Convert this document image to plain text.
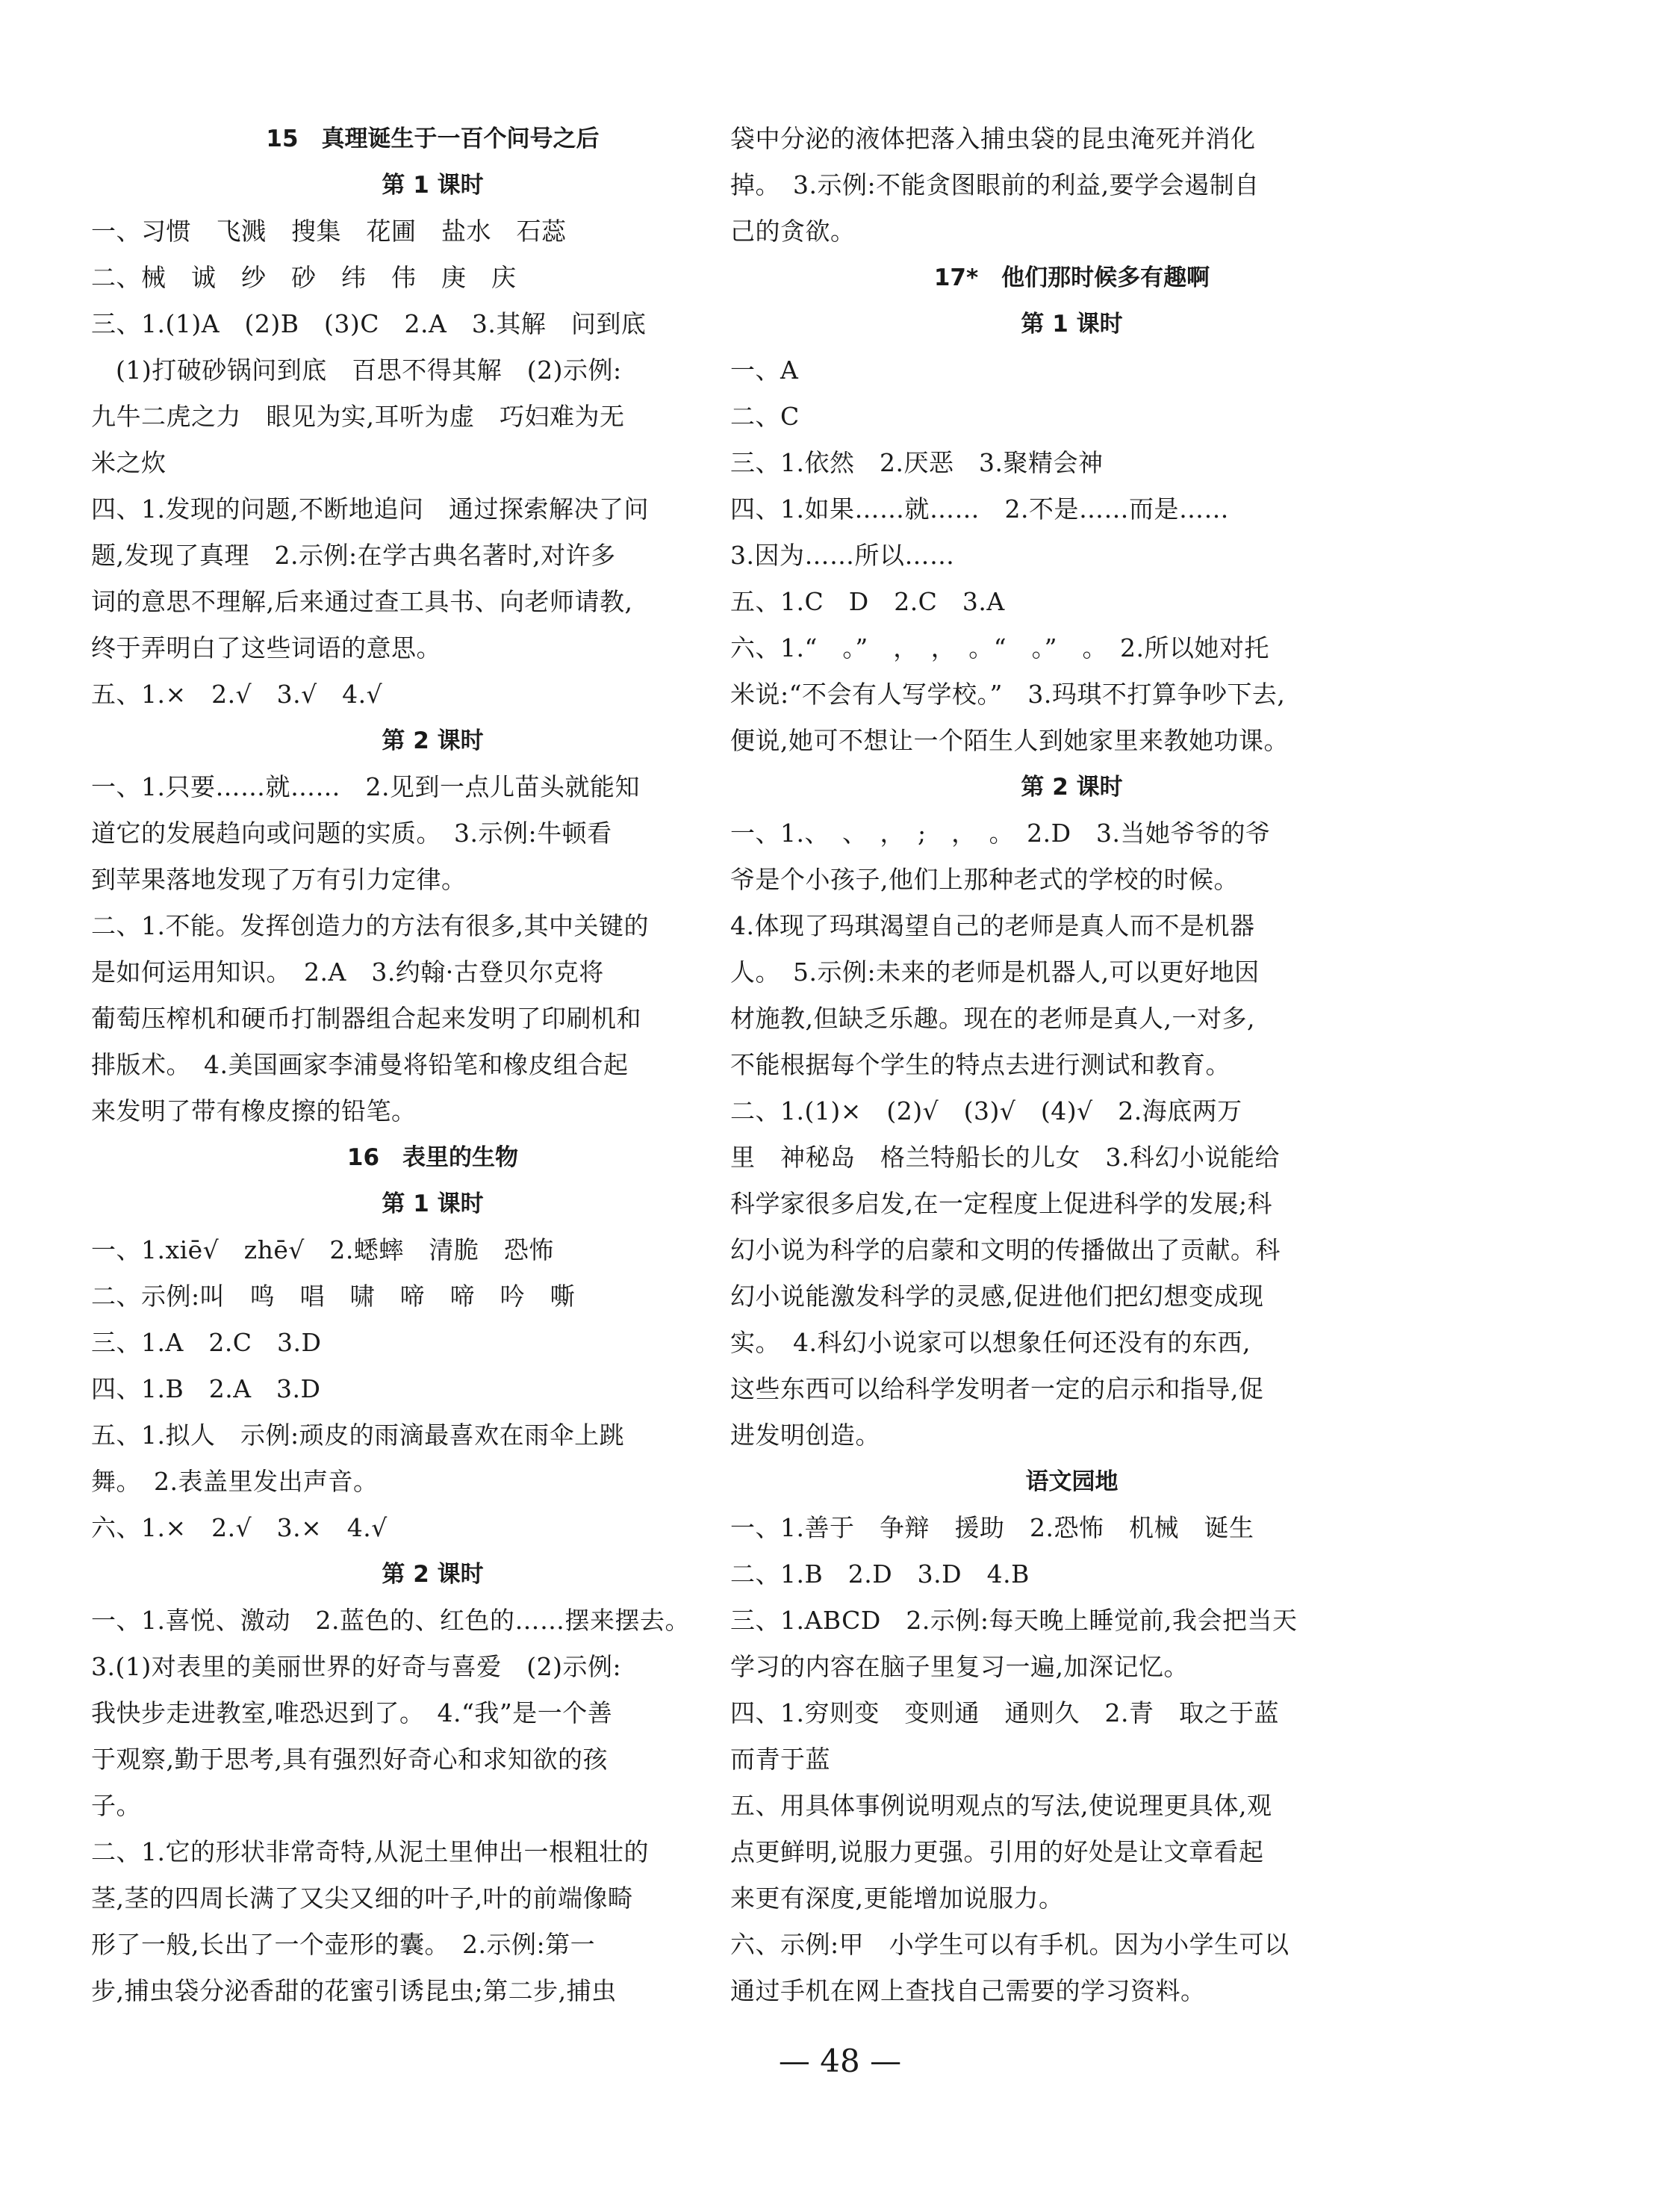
15　真理诞生于一百个问号之后
第 1 课时
一、习惯　飞溅　搜集　花圃　盐水　石蕊
二、械　诚　纱　砂　纬　伟　庚　庆
三、1.(1)A　(2)B　(3)C　2.A　3.其解　问到底
(1)打破砂锅问到底　百思不得其解　(2)示例:
九牛二虎之力　眼见为实,耳听为虚　巧妇难为无
米之炊
四、1.发现的问题,不断地追问　通过探索解决了问
题,发现了真理　2.示例:在学古典名著时,对许多
词的意思不理解,后来通过查工具书、向老师请教,
终于弄明白了这些词语的意思。
五、1.×　2.√　3.√　4.√
第 2 课时
一、1.只要……就……　2.见到一点儿苗头就能知
道它的发展趋向或问题的实质。　3.示例:牛顿看
到苹果落地发现了万有引力定律。
二、1.不能。发挥创造力的方法有很多,其中关键的
是如何运用知识。　2.A　3.约翰·古登贝尔克将
葡萄压榨机和硬币打制器组合起来发明了印刷机和
排版术。　4.美国画家李浦曼将铅笔和橡皮组合起
来发明了带有橡皮擦的铅笔。
16　表里的生物
第 1 课时
一、1.xiē√　zhē√　2.蟋蟀　清脆　恐怖
二、示例:叫　鸣　唱　啸　啼　啼　吟　嘶
三、1.A　2.C　3.D
四、1.B　2.A　3.D
五、1.拟人　示例:顽皮的雨滴最喜欢在雨伞上跳
舞。　2.表盖里发出声音。
六、1.×　2.√　3.×　4.√
第 2 课时
一、1.喜悦、激动　2.蓝色的、红色的……摆来摆去。
3.(1)对表里的美丽世界的好奇与喜爱　(2)示例:
我快步走进教室,唯恐迟到了。　4.“我”是一个善
于观察,勤于思考,具有强烈好奇心和求知欲的孩
子。
二、1.它的形状非常奇特,从泥土里伸出一根粗壮的
茎,茎的四周长满了又尖又细的叶子,叶的前端像畸
形了一般,长出了一个壶形的囊。　2.示例:第一
步,捕虫袋分泌香甜的花蜜引诱昆虫;第二步,捕虫
袋中分泌的液体把落入捕虫袋的昆虫淹死并消化
掉。　3.示例:不能贪图眼前的利益,要学会遏制自
己的贪欲。
17*　他们那时候多有趣啊
第 1 课时
一、A
二、C
三、1.依然　2.厌恶　3.聚精会神
四、1.如果……就……　2.不是……而是……
3.因为……所以……
五、1.C　D　2.C　3.A
六、1.“　。”　，　，　。“　。”　。　2.所以她对托
米说:“不会有人写学校。”　3.玛琪不打算争吵下去,
便说,她可不想让一个陌生人到她家里来教她功课。
第 2 课时
一、1.、　、　，　;　，　。　2.D　3.当她爷爷的爷
爷是个小孩子,他们上那种老式的学校的时候。
4.体现了玛琪渴望自己的老师是真人而不是机器
人。　5.示例:未来的老师是机器人,可以更好地因
材施教,但缺乏乐趣。现在的老师是真人,一对多,
不能根据每个学生的特点去进行测试和教育。
二、1.(1)×　(2)√　(3)√　(4)√　2.海底两万
里　神秘岛　格兰特船长的儿女　3.科幻小说能给
科学家很多启发,在一定程度上促进科学的发展;科
幻小说为科学的启蒙和文明的传播做出了贡献。科
幻小说能激发科学的灵感,促进他们把幻想变成现
实。　4.科幻小说家可以想象任何还没有的东西,
这些东西可以给科学发明者一定的启示和指导,促
进发明创造。
语文园地
一、1.善于　争辩　援助　2.恐怖　机械　诞生
二、1.B　2.D　3.D　4.B
三、1.ABCD　2.示例:每天晚上睡觉前,我会把当天
学习的内容在脑子里复习一遍,加深记忆。
四、1.穷则变　变则通　通则久　2.青　取之于蓝
而青于蓝
五、用具体事例说明观点的写法,使说理更具体,观
点更鲜明,说服力更强。引用的好处是让文章看起
来更有深度,更能增加说服力。
六、示例:甲　小学生可以有手机。因为小学生可以
通过手机在网上查找自己需要的学习资料。
— 48 —
